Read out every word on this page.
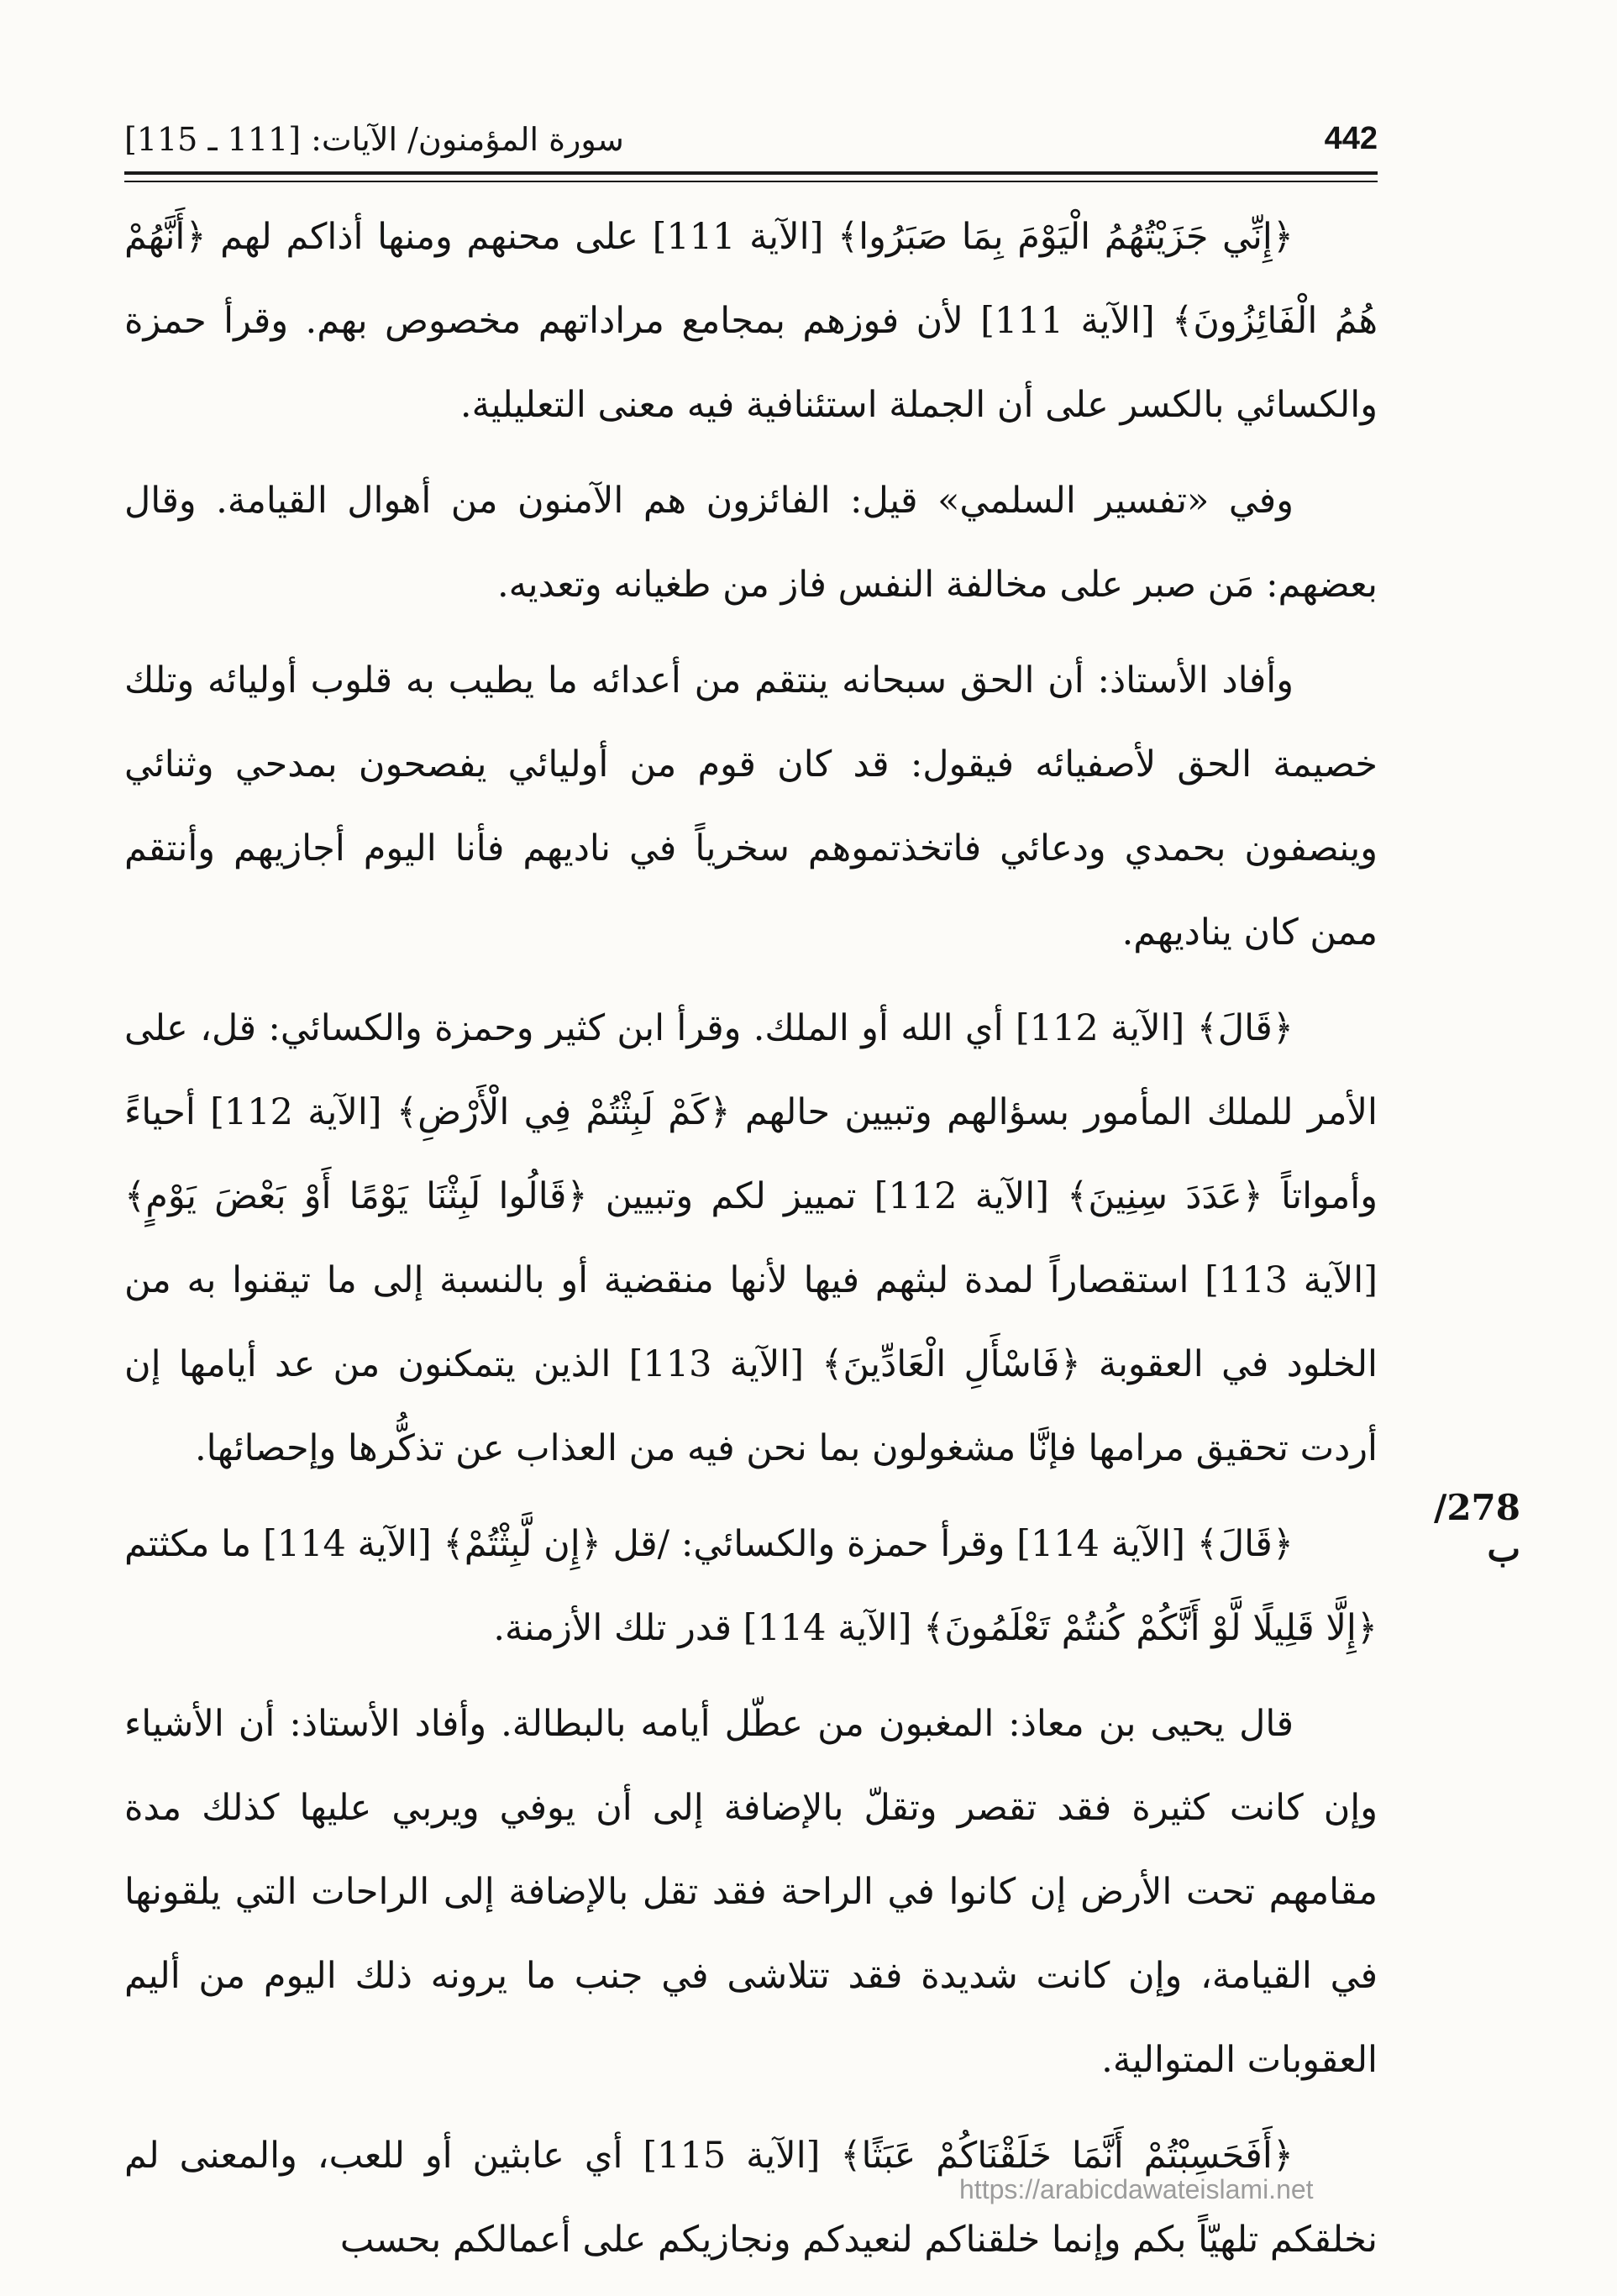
442
سورة المؤمنون/ الآيات: [111 ـ 115]

﴿إِنِّي جَزَيْتُهُمُ الْيَوْمَ بِمَا صَبَرُوا﴾ [الآية 111] على محنهم ومنها أذاكم لهم ﴿أَنَّهُمْ هُمُ الْفَائِزُونَ﴾ [الآية 111] لأن فوزهم بمجامع مراداتهم مخصوص بهم. وقرأ حمزة والكسائي بالكسر على أن الجملة استئنافية فيه معنى التعليلية.

وفي «تفسير السلمي» قيل: الفائزون هم الآمنون من أهوال القيامة. وقال بعضهم: مَن صبر على مخالفة النفس فاز من طغيانه وتعديه.

وأفاد الأستاذ: أن الحق سبحانه ينتقم من أعدائه ما يطيب به قلوب أوليائه وتلك خصيمة الحق لأصفيائه فيقول: قد كان قوم من أوليائي يفصحون بمدحي وثنائي وينصفون بحمدي ودعائي فاتخذتموهم سخرياً في ناديهم فأنا اليوم أجازيهم وأنتقم ممن كان يناديهم.

﴿قَالَ﴾ [الآية 112] أي الله أو الملك. وقرأ ابن كثير وحمزة والكسائي: قل، على الأمر للملك المأمور بسؤالهم وتبيين حالهم ﴿كَمْ لَبِثْتُمْ فِي الْأَرْضِ﴾ [الآية 112] أحياءً وأمواتاً ﴿عَدَدَ سِنِينَ﴾ [الآية 112] تمييز لكم وتبيين ﴿قَالُوا لَبِثْنَا يَوْمًا أَوْ بَعْضَ يَوْمٍ﴾ [الآية 113] استقصاراً لمدة لبثهم فيها لأنها منقضية أو بالنسبة إلى ما تيقنوا به من الخلود في العقوبة ﴿فَاسْأَلِ الْعَادِّينَ﴾ [الآية 113] الذين يتمكنون من عد أيامها إن أردت تحقيق مرامها فإنَّا مشغولون بما نحن فيه من العذاب عن تذكُّرها وإحصائها.

﴿قَالَ﴾ [الآية 114] وقرأ حمزة والكسائي: /قل ﴿إِن لَّبِثْتُمْ﴾ [الآية 114] ما مكثتم ﴿إِلَّا قَلِيلًا لَّوْ أَنَّكُمْ كُنتُمْ تَعْلَمُونَ﴾ [الآية 114] قدر تلك الأزمنة.

قال يحيى بن معاذ: المغبون من عطّل أيامه بالبطالة. وأفاد الأستاذ: أن الأشياء وإن كانت كثيرة فقد تقصر وتقلّ بالإضافة إلى أن يوفي ويربي عليها كذلك مدة مقامهم تحت الأرض إن كانوا في الراحة فقد تقل بالإضافة إلى الراحات التي يلقونها في القيامة، وإن كانت شديدة فقد تتلاشى في جنب ما يرونه ذلك اليوم من أليم العقوبات المتوالية.

﴿أَفَحَسِبْتُمْ أَنَّمَا خَلَقْنَاكُمْ عَبَثًا﴾ [الآية 115] أي عابثين أو للعب، والمعنى لم نخلقكم تلهيّاً بكم وإنما خلقناكم لنعيدكم ونجازيكم على أعمالكم بحسب

278/ ب
https://arabicdawateislami.net
